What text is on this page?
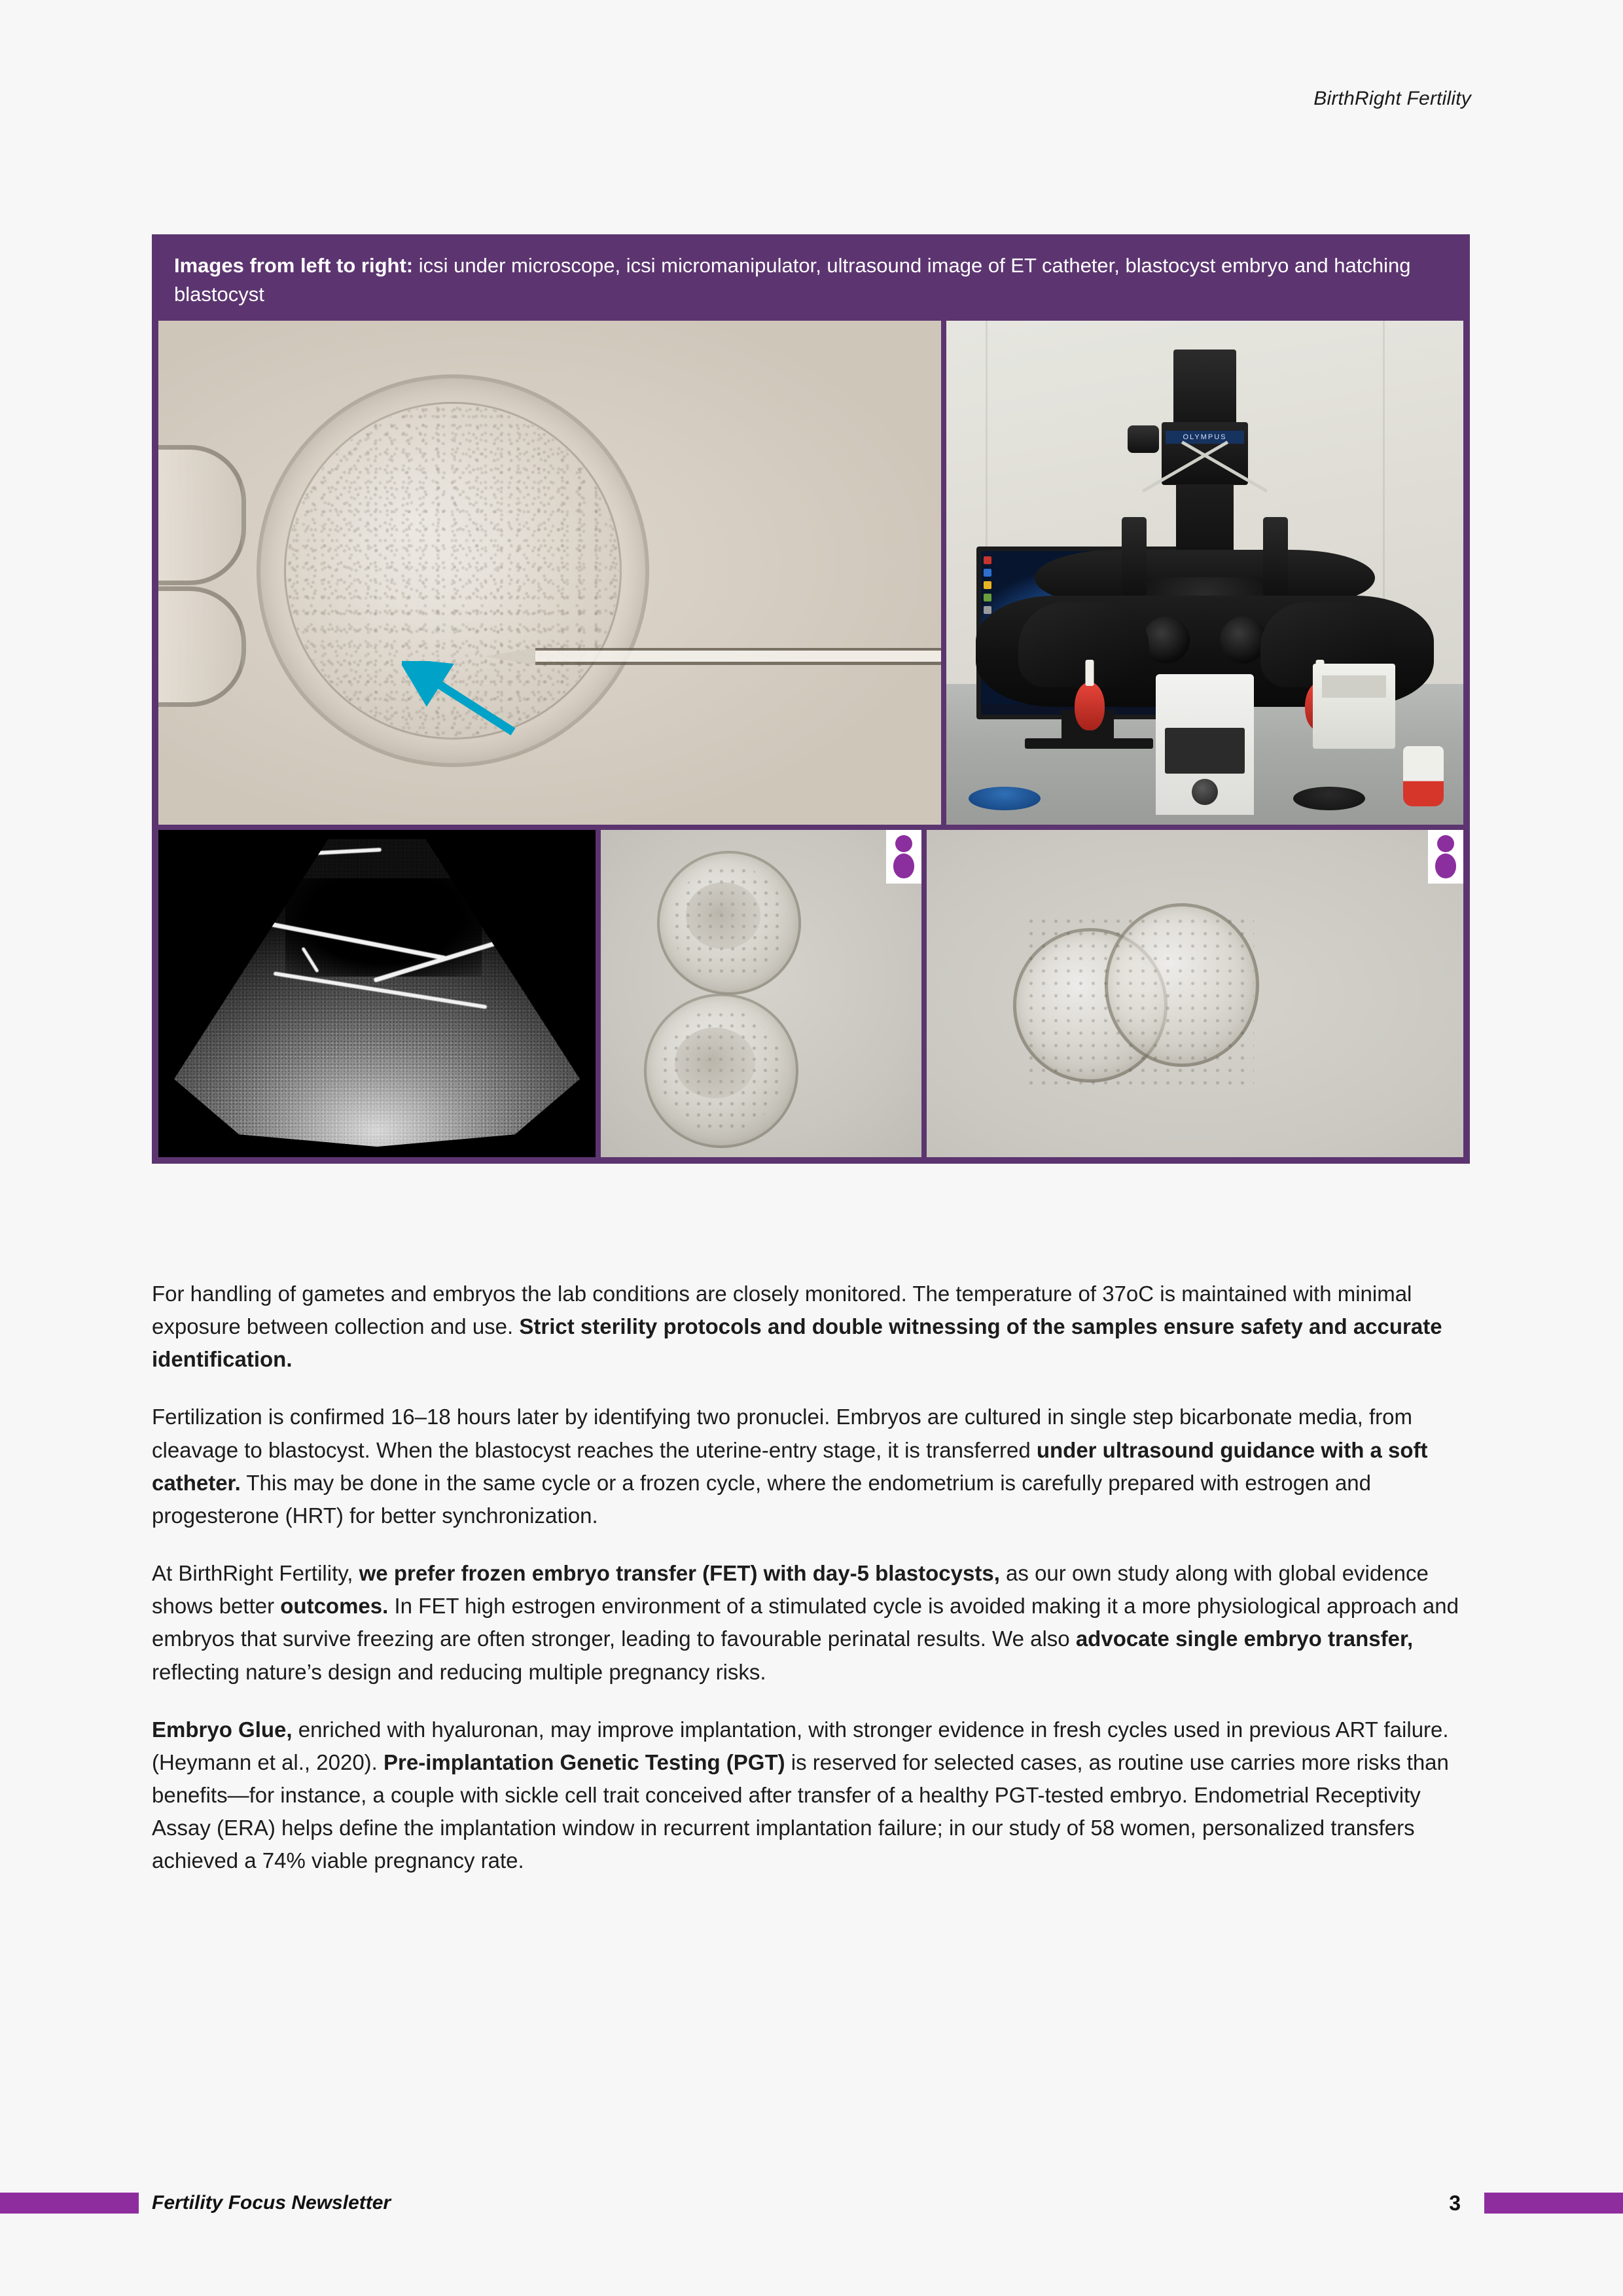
BirthRight Fertility
Images from left to right: icsi under microscope, icsi micromanipulator, ultrasound image of ET catheter, blastocyst embryo and hatching blastocyst
OLYMPUS

For handling of gametes and embryos the lab conditions are closely monitored. The temperature of 37oC is maintained with minimal exposure between collection and use. Strict sterility protocols and double witnessing of the samples ensure safety and accurate identification.

Fertilization is confirmed 16–18 hours later by identifying two pronuclei. Embryos are cultured in single step bicarbonate media, from cleavage to blastocyst. When the blastocyst reaches the uterine-entry stage, it is transferred under ultrasound guidance with a soft catheter. This may be done in the same cycle or a frozen cycle, where the endometrium is carefully prepared with estrogen and progesterone (HRT) for better synchronization.

At BirthRight Fertility, we prefer frozen embryo transfer (FET) with day-5 blastocysts, as our own study along with global evidence shows better outcomes. In FET high estrogen environment of a stimulated cycle is avoided making it a more physiological approach and embryos that survive freezing are often stronger, leading to favourable perinatal results. We also advocate single embryo transfer, reflecting nature’s design and reducing multiple pregnancy risks.

Embryo Glue, enriched with hyaluronan, may improve implantation, with stronger evidence in fresh cycles used in previous ART failure. (Heymann et al., 2020). Pre-implantation Genetic Testing (PGT) is reserved for selected cases, as routine use carries more risks than benefits—for instance, a couple with sickle cell trait conceived after transfer of a healthy PGT-tested embryo. Endometrial Receptivity Assay (ERA) helps define the implantation window in recurrent implantation failure; in our study of 58 women, personalized transfers achieved a 74% viable pregnancy rate.

Fertility Focus Newsletter	3
